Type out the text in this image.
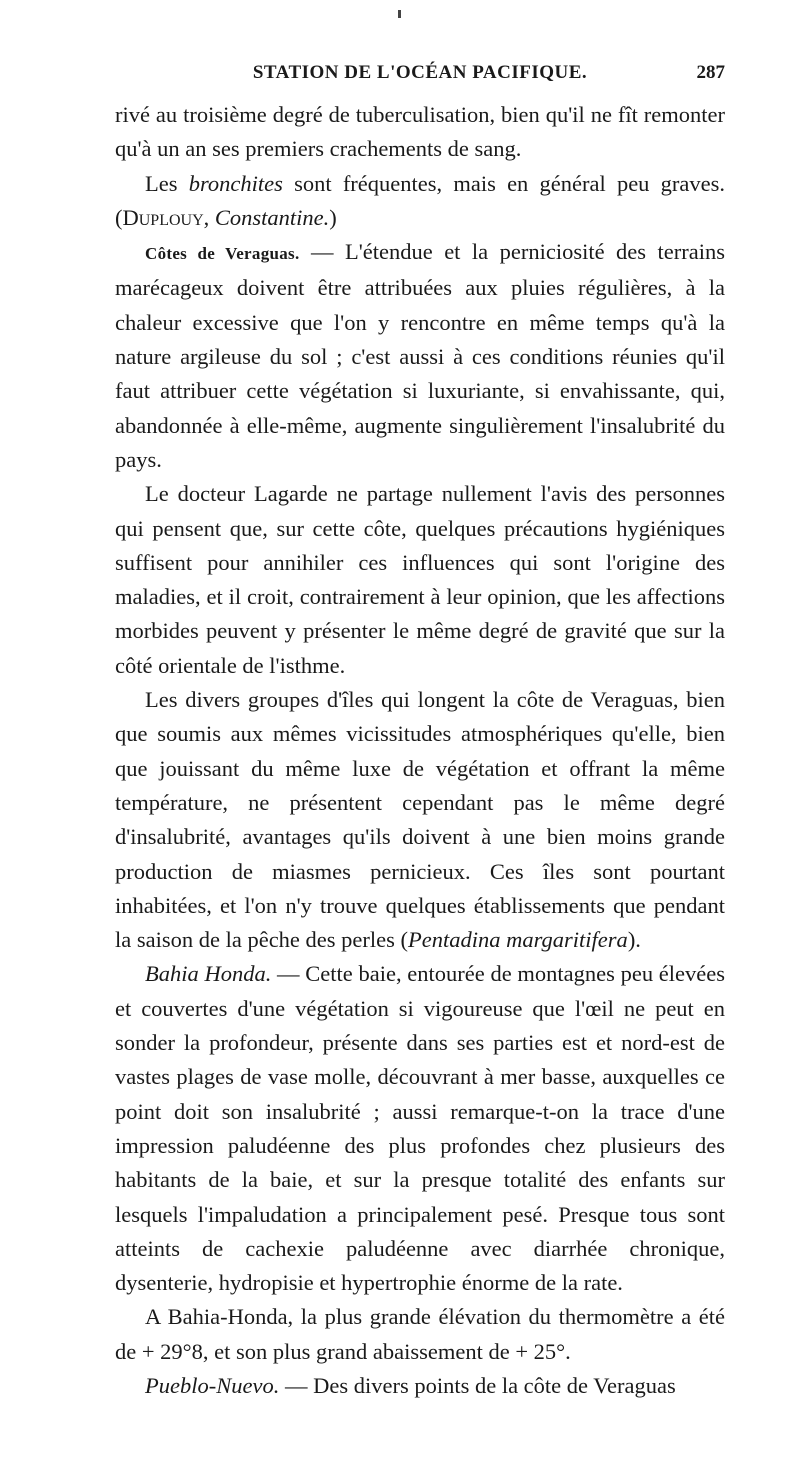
STATION DE L'OCÉAN PACIFIQUE.	287

rivé au troisième degré de tuberculisation, bien qu'il ne fît remonter qu'à un an ses premiers crachements de sang.

Les bronchites sont fréquentes, mais en général peu graves. (Duplouy, Constantine.)

Côtes de Veraguas. — L'étendue et la perniciosité des terrains marécageux doivent être attribuées aux pluies régulières, à la chaleur excessive que l'on y rencontre en même temps qu'à la nature argileuse du sol ; c'est aussi à ces conditions réunies qu'il faut attribuer cette végétation si luxuriante, si envahissante, qui, abandonnée à elle-même, augmente singulièrement l'insalubrité du pays.

Le docteur Lagarde ne partage nullement l'avis des personnes qui pensent que, sur cette côte, quelques précautions hygiéniques suffisent pour annihiler ces influences qui sont l'origine des maladies, et il croit, contrairement à leur opinion, que les affections morbides peuvent y présenter le même degré de gravité que sur la côté orientale de l'isthme.

Les divers groupes d'îles qui longent la côte de Veraguas, bien que soumis aux mêmes vicissitudes atmosphériques qu'elle, bien que jouissant du même luxe de végétation et offrant la même température, ne présentent cependant pas le même degré d'insalubrité, avantages qu'ils doivent à une bien moins grande production de miasmes pernicieux. Ces îles sont pourtant inhabitées, et l'on n'y trouve quelques établissements que pendant la saison de la pêche des perles (Pentadina margaritifera).

Bahia Honda. — Cette baie, entourée de montagnes peu élevées et couvertes d'une végétation si vigoureuse que l'œil ne peut en sonder la profondeur, présente dans ses parties est et nord-est de vastes plages de vase molle, découvrant à mer basse, auxquelles ce point doit son insalubrité ; aussi remarque-t-on la trace d'une impression paludéenne des plus profondes chez plusieurs des habitants de la baie, et sur la presque totalité des enfants sur lesquels l'impaludation a principalement pesé. Presque tous sont atteints de cachexie paludéenne avec diarrhée chronique, dysenterie, hydropisie et hypertrophie énorme de la rate.

A Bahia-Honda, la plus grande élévation du thermomètre a été de + 29°8, et son plus grand abaissement de + 25°.

Pueblo-Nuevo. — Des divers points de la côte de Veraguas
